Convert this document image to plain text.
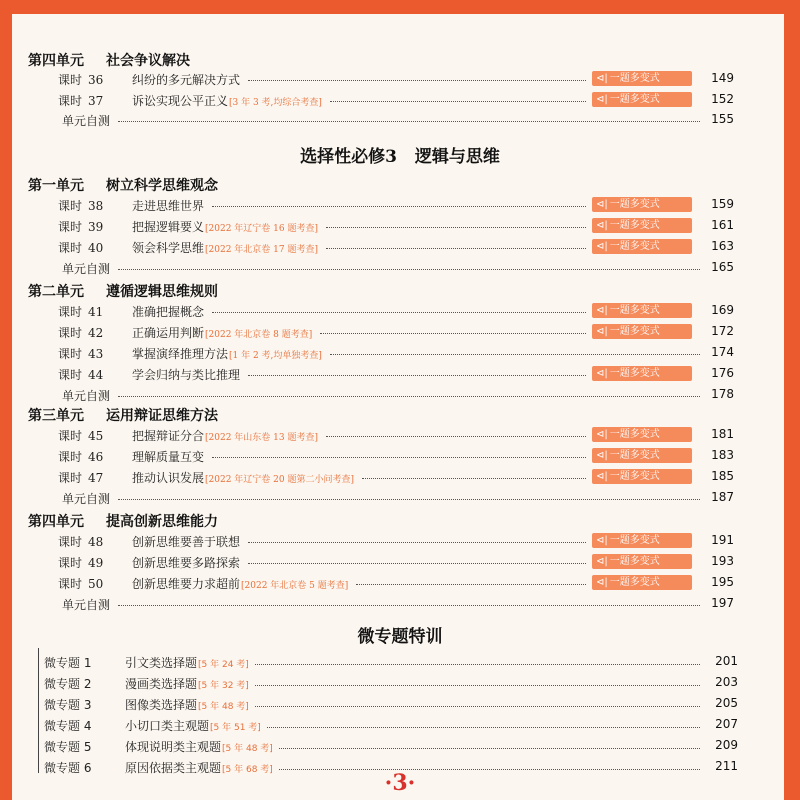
第四单元 社会争议解决
课时 36 纠纷的多元解决方式	⊲| 一题多变式	149
课时 37 诉讼实现公平正义[3 年 3 考,均综合考查]	⊲| 一题多变式	152
单元自测	155
选择性必修3 逻辑与思维
第一单元 树立科学思维观念
课时 38 走进思维世界	⊲| 一题多变式	159
课时 39 把握逻辑要义[2022 年辽宁卷 16 题考查]	⊲| 一题多变式	161
课时 40 领会科学思维[2022 年北京卷 17 题考查]	⊲| 一题多变式	163
单元自测	165
第二单元 遵循逻辑思维规则
课时 41 准确把握概念	⊲| 一题多变式	169
课时 42 正确运用判断[2022 年北京卷 8 题考查]	⊲| 一题多变式	172
课时 43 掌握演绎推理方法[1 年 2 考,均单独考查]	174
课时 44 学会归纳与类比推理	⊲| 一题多变式	176
单元自测	178
第三单元 运用辩证思维方法
课时 45 把握辩证分合[2022 年山东卷 13 题考查]	⊲| 一题多变式	181
课时 46 理解质量互变	⊲| 一题多变式	183
课时 47 推动认识发展[2022 年辽宁卷 20 题第二小问考查]	⊲| 一题多变式	185
单元自测	187
第四单元 提高创新思维能力
课时 48 创新思维要善于联想	⊲| 一题多变式	191
课时 49 创新思维要多路探索	⊲| 一题多变式	193
课时 50 创新思维要力求超前[2022 年北京卷 5 题考查]	⊲| 一题多变式	195
单元自测	197
微专题特训
微专题 1	引文类选择题[5 年 24 考]	201
微专题 2	漫画类选择题[5 年 32 考]	203
微专题 3	图像类选择题[5 年 48 考]	205
微专题 4	小切口类主观题[5 年 51 考]	207
微专题 5	体现说明类主观题[5 年 48 考]	209
微专题 6	原因依据类主观题[5 年 68 考]	211
·3·
